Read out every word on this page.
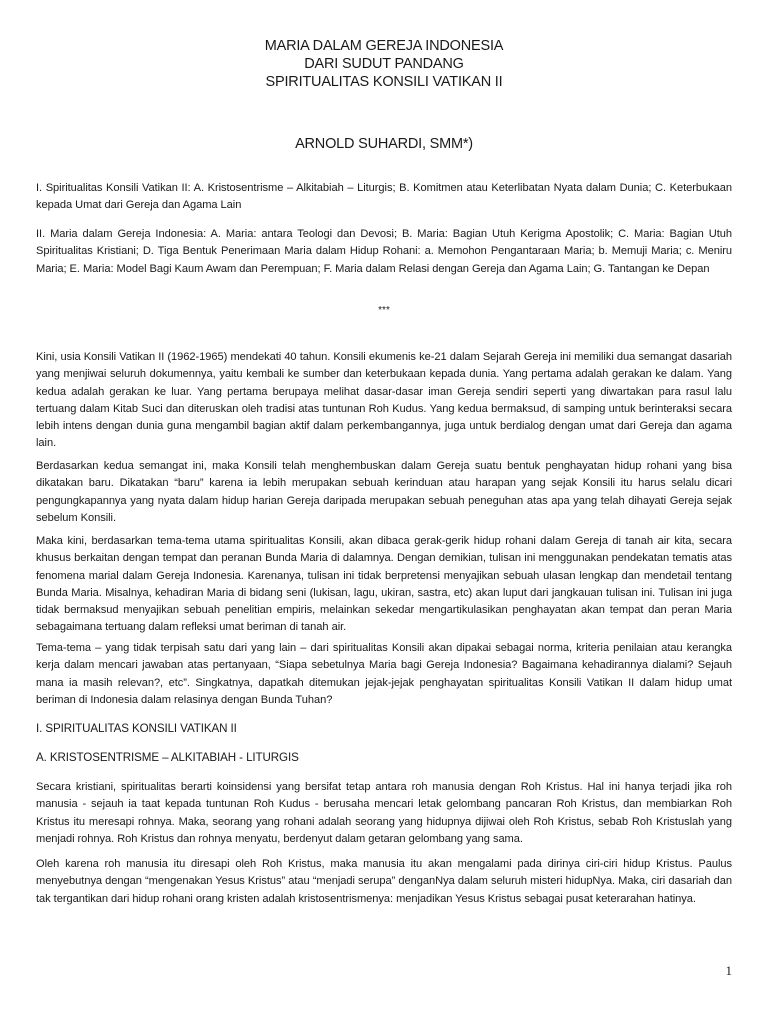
MARIA DALAM GEREJA INDONESIA
DARI SUDUT PANDANG
SPIRITUALITAS KONSILI VATIKAN II
ARNOLD SUHARDI, SMM*)

I. Spiritualitas Konsili Vatikan II: A. Kristosentrisme – Alkitabiah – Liturgis; B. Komitmen atau Keterlibatan Nyata dalam Dunia; C. Keterbukaan kepada Umat dari Gereja dan Agama Lain

II. Maria dalam Gereja Indonesia: A. Maria: antara Teologi dan Devosi; B. Maria: Bagian Utuh Kerigma Apostolik; C. Maria: Bagian Utuh Spiritualitas Kristiani; D. Tiga Bentuk Penerimaan Maria dalam Hidup Rohani: a. Memohon Pengantaraan Maria; b. Memuji Maria; c. Meniru Maria; E. Maria: Model Bagi Kaum Awam dan Perempuan; F. Maria dalam Relasi dengan Gereja dan Agama Lain; G. Tantangan ke Depan

***

Kini, usia Konsili Vatikan II (1962-1965) mendekati 40 tahun. Konsili ekumenis ke-21 dalam Sejarah Gereja ini memiliki dua semangat dasariah yang menjiwai seluruh dokumennya, yaitu kembali ke sumber dan keterbukaan kepada dunia. Yang pertama adalah gerakan ke dalam. Yang kedua adalah gerakan ke luar. Yang pertama berupaya melihat dasar-dasar iman Gereja sendiri seperti yang diwartakan para rasul lalu tertuang dalam Kitab Suci dan diteruskan oleh tradisi atas tuntunan Roh Kudus. Yang kedua bermaksud, di samping untuk berinteraksi secara lebih intens dengan dunia guna mengambil bagian aktif dalam perkembangannya, juga untuk berdialog dengan umat dari Gereja dan agama lain.

Berdasarkan kedua semangat ini, maka Konsili telah menghembuskan dalam Gereja suatu bentuk penghayatan hidup rohani yang bisa dikatakan baru. Dikatakan “baru” karena ia lebih merupakan sebuah kerinduan atau harapan yang sejak Konsili itu harus selalu dicari pengungkapannya yang nyata dalam hidup harian Gereja daripada merupakan sebuah peneguhan atas apa yang telah dihayati Gereja sejak sebelum Konsili.

Maka kini, berdasarkan tema-tema utama spiritualitas Konsili, akan dibaca gerak-gerik hidup rohani dalam Gereja di tanah air kita, secara khusus berkaitan dengan tempat dan peranan Bunda Maria di dalamnya. Dengan demikian, tulisan ini menggunakan pendekatan tematis atas fenomena marial dalam Gereja Indonesia. Karenanya, tulisan ini tidak berpretensi menyajikan sebuah ulasan lengkap dan mendetail tentang Bunda Maria. Misalnya, kehadiran Maria di bidang seni (lukisan, lagu, ukiran, sastra, etc) akan luput dari jangkauan tulisan ini. Tulisan ini juga tidak bermaksud menyajikan sebuah penelitian empiris, melainkan sekedar mengartikulasikan penghayatan akan tempat dan peran Maria sebagaimana tertuang dalam refleksi umat beriman di tanah air.

Tema-tema – yang tidak terpisah satu dari yang lain – dari spiritualitas Konsili akan dipakai sebagai norma, kriteria penilaian atau kerangka kerja dalam mencari jawaban atas pertanyaan, “Siapa sebetulnya Maria bagi Gereja Indonesia? Bagaimana kehadirannya dialami? Sejauh mana ia masih relevan?, etc”. Singkatnya, dapatkah ditemukan jejak-jejak penghayatan spiritualitas Konsili Vatikan II dalam hidup umat beriman di Indonesia dalam relasinya dengan Bunda Tuhan?

I. SPIRITUALITAS KONSILI VATIKAN II
A. KRISTOSENTRISME – ALKITABIAH - LITURGIS

Secara kristiani, spiritualitas berarti koinsidensi yang bersifat tetap antara roh manusia dengan Roh Kristus. Hal ini hanya terjadi jika roh manusia - sejauh ia taat kepada tuntunan Roh Kudus - berusaha mencari letak gelombang pancaran Roh Kristus, dan membiarkan Roh Kristus itu meresapi rohnya. Maka, seorang yang rohani adalah seorang yang hidupnya dijiwai oleh Roh Kristus, sebab Roh Kristuslah yang menjadi rohnya. Roh Kristus dan rohnya menyatu, berdenyut dalam getaran gelombang yang sama.

Oleh karena roh manusia itu diresapi oleh Roh Kristus, maka manusia itu akan mengalami pada dirinya ciri-ciri hidup Kristus. Paulus menyebutnya dengan “mengenakan Yesus Kristus” atau “menjadi serupa” denganNya dalam seluruh misteri hidupNya. Maka, ciri dasariah dan tak tergantikan dari hidup rohani orang kristen adalah kristosentrismenya: menjadikan Yesus Kristus sebagai pusat keterarahan hatinya.

1
